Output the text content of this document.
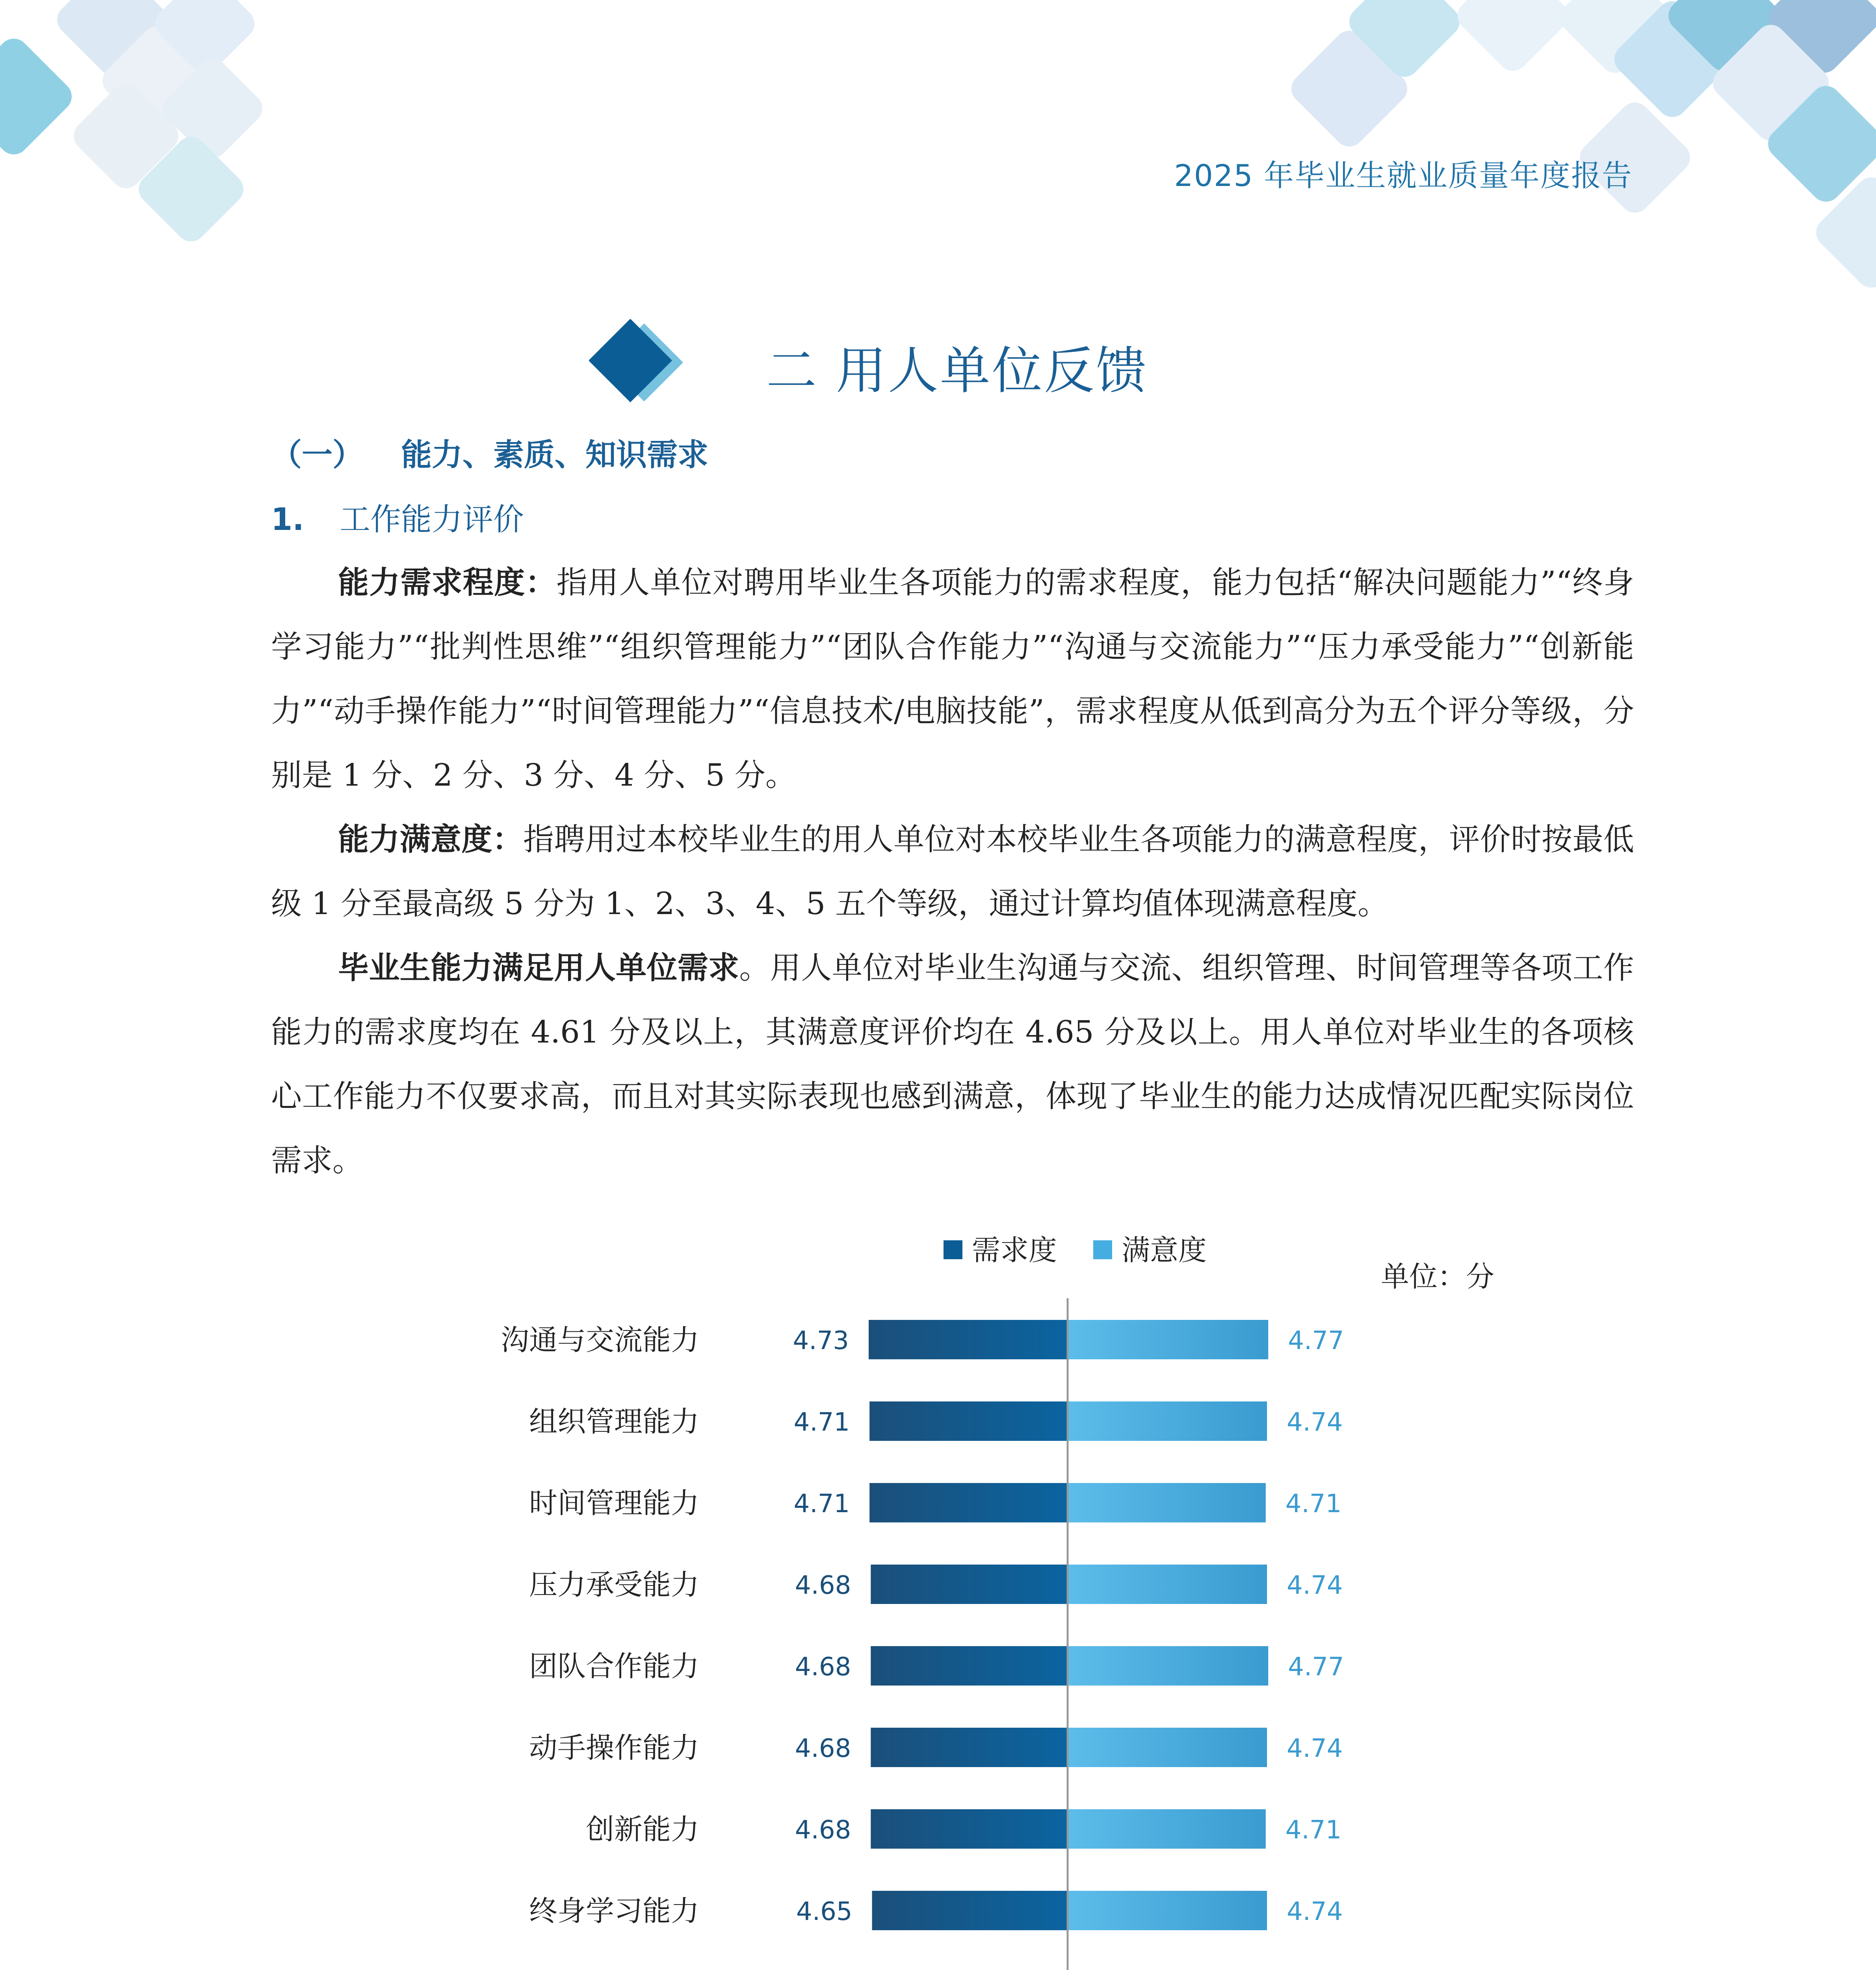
2025 年毕业生就业质量年度报告
二 用人单位反馈
（一） 能力、素质、知识需求
1. 工作能力评价

能力需求程度：指用人单位对聘用毕业生各项能力的需求程度，能力包括“解决问题能力”“终身学习能力”“批判性思维”“组织管理能力”“团队合作能力”“沟通与交流能力”“压力承受能力”“创新能力”“动手操作能力”“时间管理能力”“信息技术/电脑技能”，需求程度从低到高分为五个评分等级，分别是 1 分、2 分、3 分、4 分、5 分。

能力满意度：指聘用过本校毕业生的用人单位对本校毕业生各项能力的满意程度，评价时按最低级 1 分至最高级 5 分为 1、2、3、4、5 五个等级，通过计算均值体现满意程度。

毕业生能力满足用人单位需求。用人单位对毕业生沟通与交流、组织管理、时间管理等各项工作能力的需求度均在 4.61 分及以上，其满意度评价均在 4.65 分及以上。用人单位对毕业生的各项核心工作能力不仅要求高，而且对其实际表现也感到满意，体现了毕业生的能力达成情况匹配实际岗位需求。

需求度 满意度
单位：分
沟通与交流能力	4.73	4.77
组织管理能力	4.71	4.74
时间管理能力	4.71	4.71
压力承受能力	4.68	4.74
团队合作能力	4.68	4.77
动手操作能力	4.68	4.74
创新能力	4.68	4.71
终身学习能力	4.65	4.74
